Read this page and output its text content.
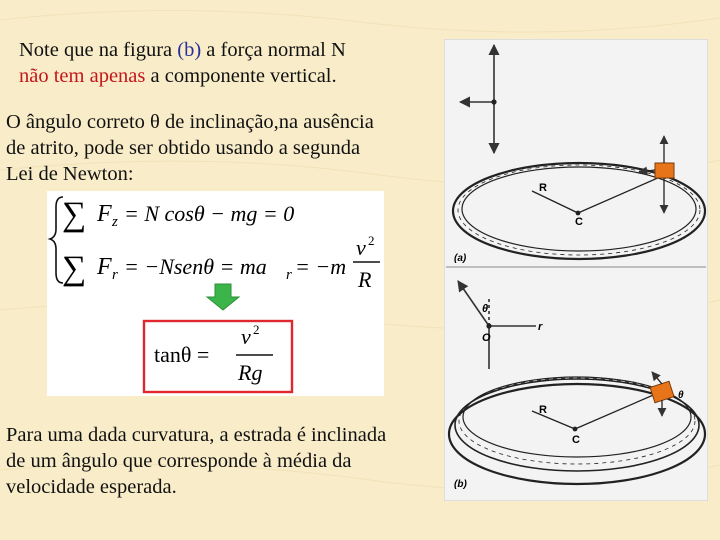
Note que na figura (b) a força normal N
não tem apenas a componente vertical.
O ângulo correto θ de inclinação,na ausência
de atrito, pode ser obtido usando a segunda
Lei de Newton:
∑ F z = N cosθ − mg = 0
∑ F r = −Nsenθ = ma r = −m
v 2
R
tanθ =
v 2
Rg
Para uma dada curvatura, a estrada é inclinada
de um ângulo que corresponde à média da
velocidade esperada.
R
C
(a)
θ
O
r
R
C
θ
(b)
